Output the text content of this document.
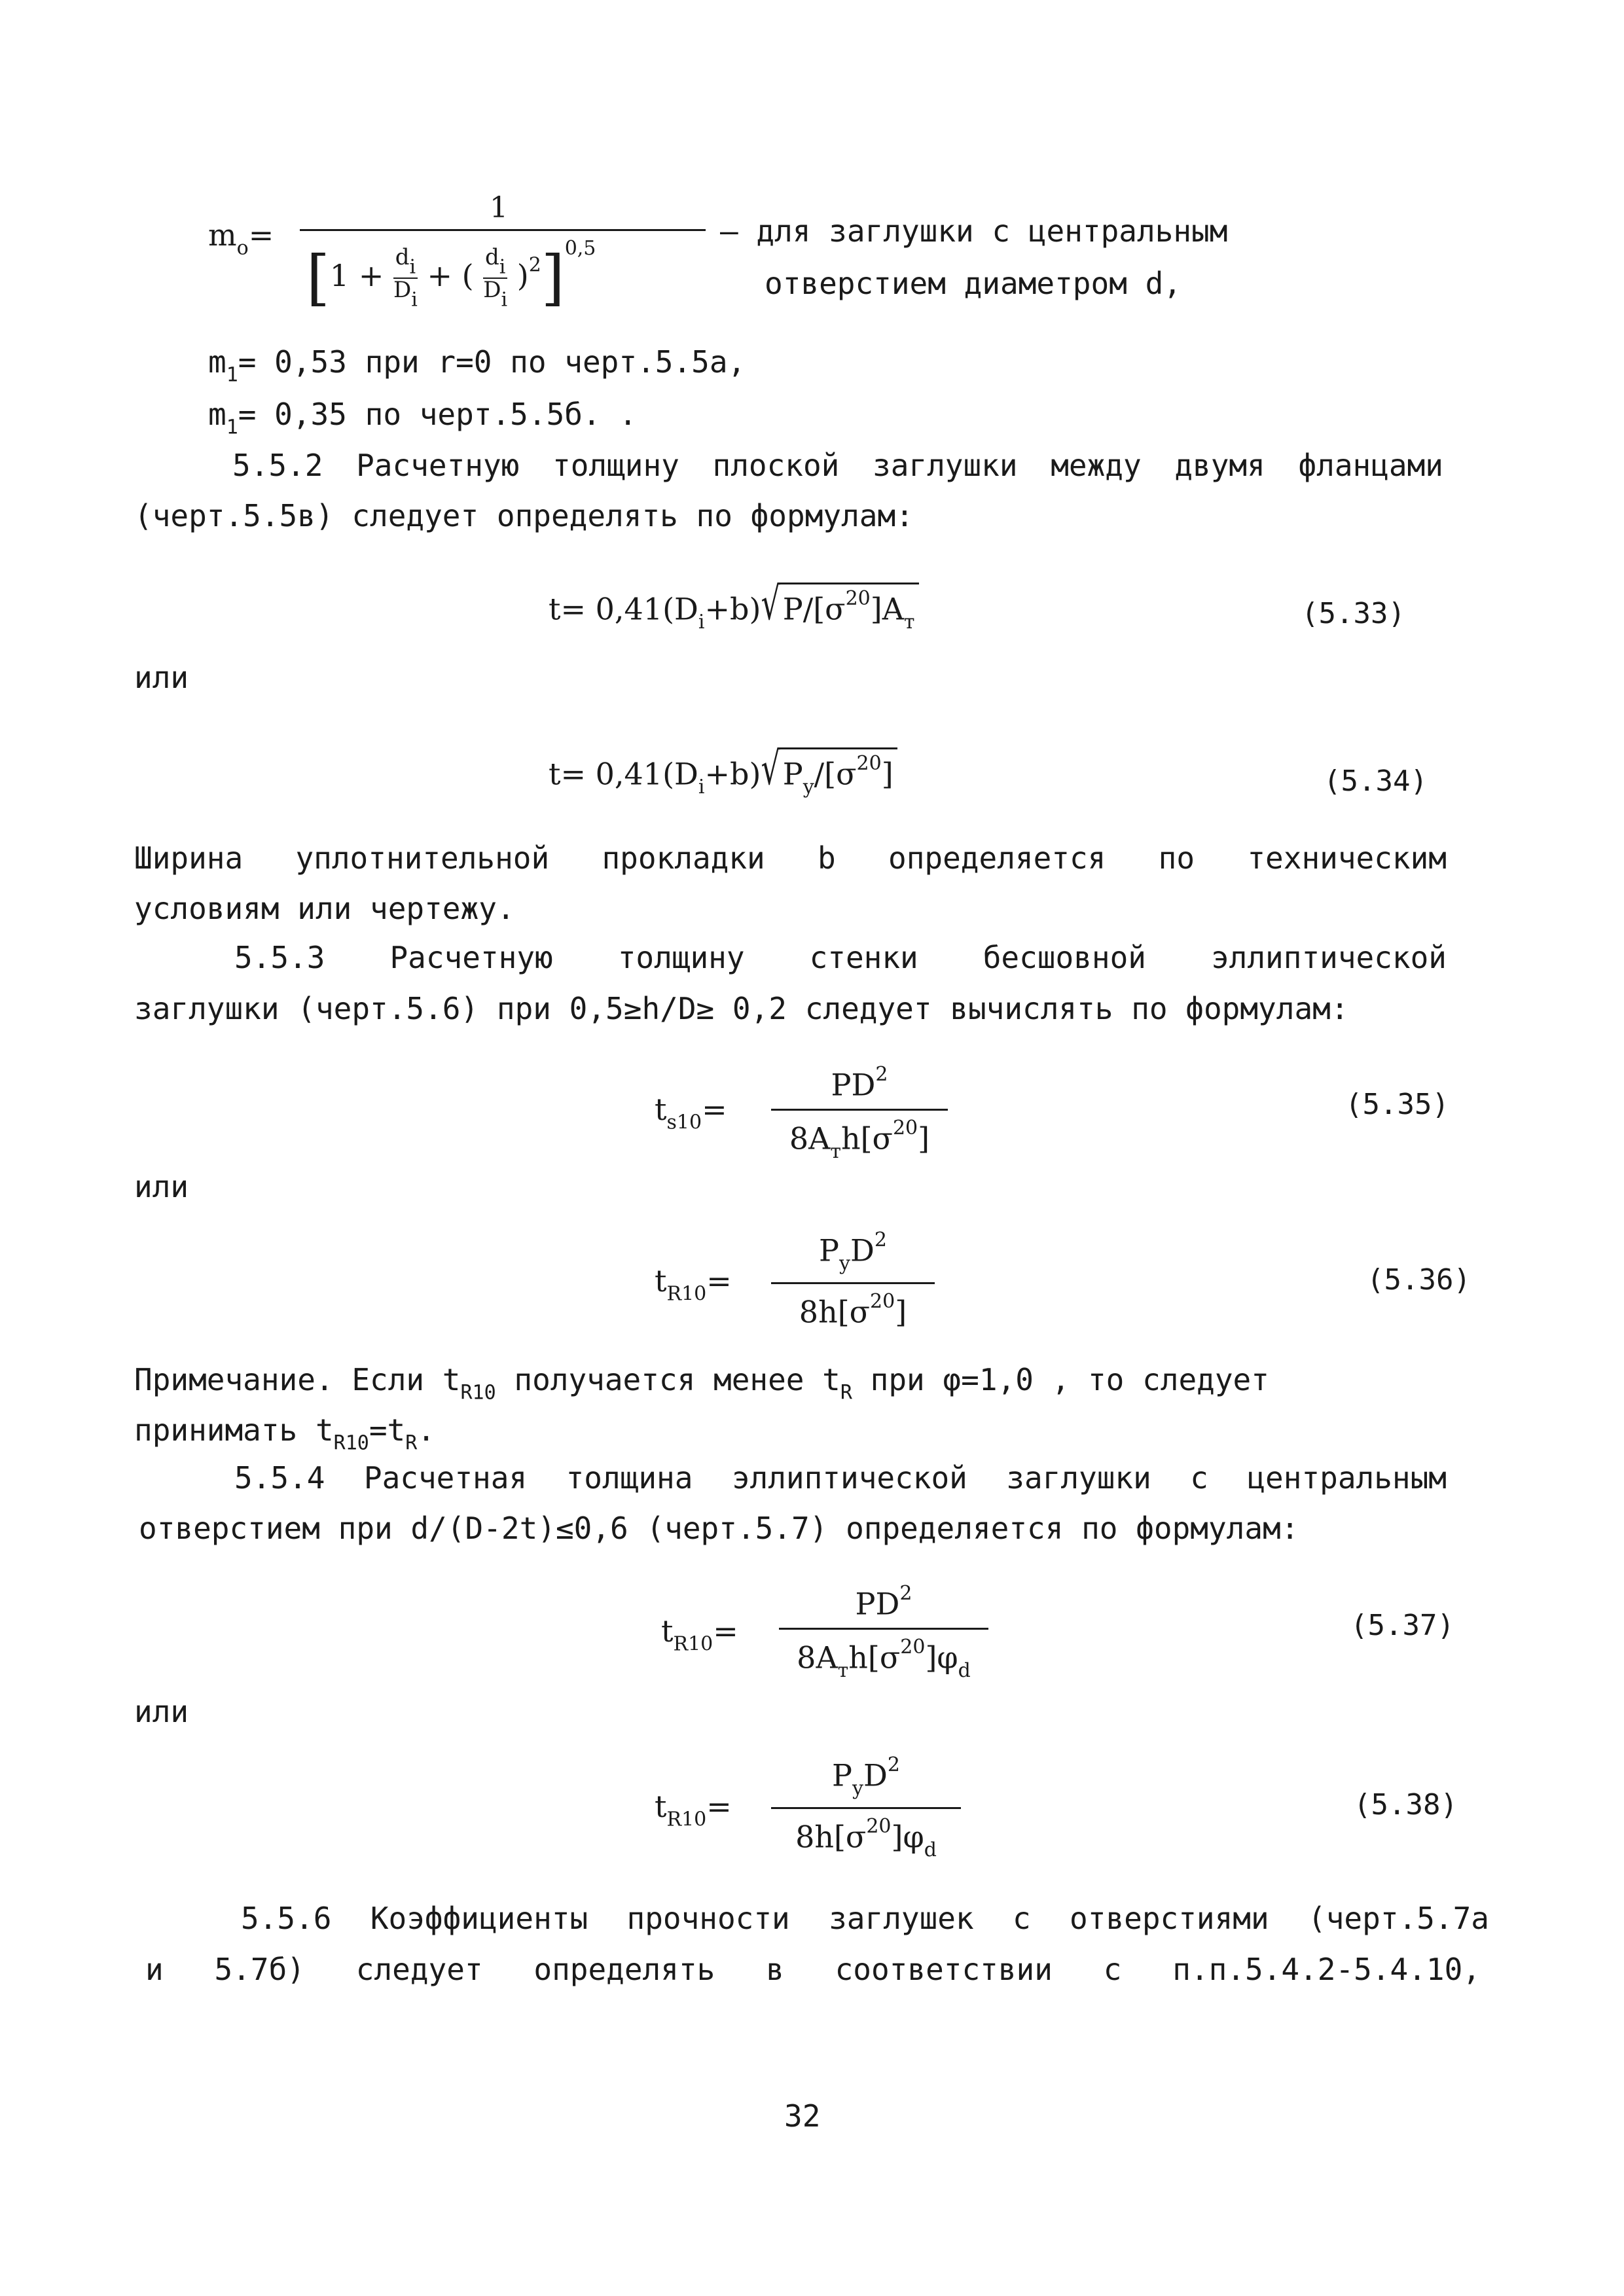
$m_o=$
1
[$1 + d_i$
$D_i$
+ ( $d_i$
$D_i$
)$^2$]$^{0,5}$	– для заглушки с центральным
отверстием диаметром d,
$m_1= 0,53$ при r=0 по черт.5.5а,
$m_1= 0,35$ по черт.5.5б. .
5.5.2 Расчетную толщину плоской заглушки между двумя фланцами
(черт.5.5в) следует определять по формулам:
$t= 0,41(D_i+b)√P/[\sigma^{20}]A_т$	(5.33)
или
$t= 0,41(D_i+b)√P_y/[\sigma^{20}]$	(5.34)
Ширина уплотнительной прокладки b определяется по техническим
условиям или чертежу.
5.5.3 Расчетную толщину стенки бесшовной эллиптической
заглушки (черт.5.6) при 0,5≥h/D≥ 0,2 следует вычислять по формулам:
$t_{s10}=$
$PD^2$
$8A_тh[\sigma^{20}]$
(5.35)
или
$t_{R10}=$
$P_yD^2$
$8h[\sigma^{20}]$
(5.36)
Примечание. Если $t_{R10}$ получается менее $t_R$ при φ=1,0 , то следует
принимать $t_{R10}=t_R$.
5.5.4 Расчетная толщина эллиптической заглушки с центральным
отверстием при d/(D-2t)≤0,6 (черт.5.7) определяется по формулам:
$t_{R10}=$
$PD^2$
$8A_тh[\sigma^{20}]\varphi_d$
(5.37)
или
$t_{R10}=$
$P_yD^2$
$8h[\sigma^{20}]\varphi_d$
(5.38)
5.5.6 Коэффициенты прочности заглушек с отверстиями (черт.5.7а
и 5.7б) следует определять в соответствии с п.п.5.4.2-5.4.10,
32
